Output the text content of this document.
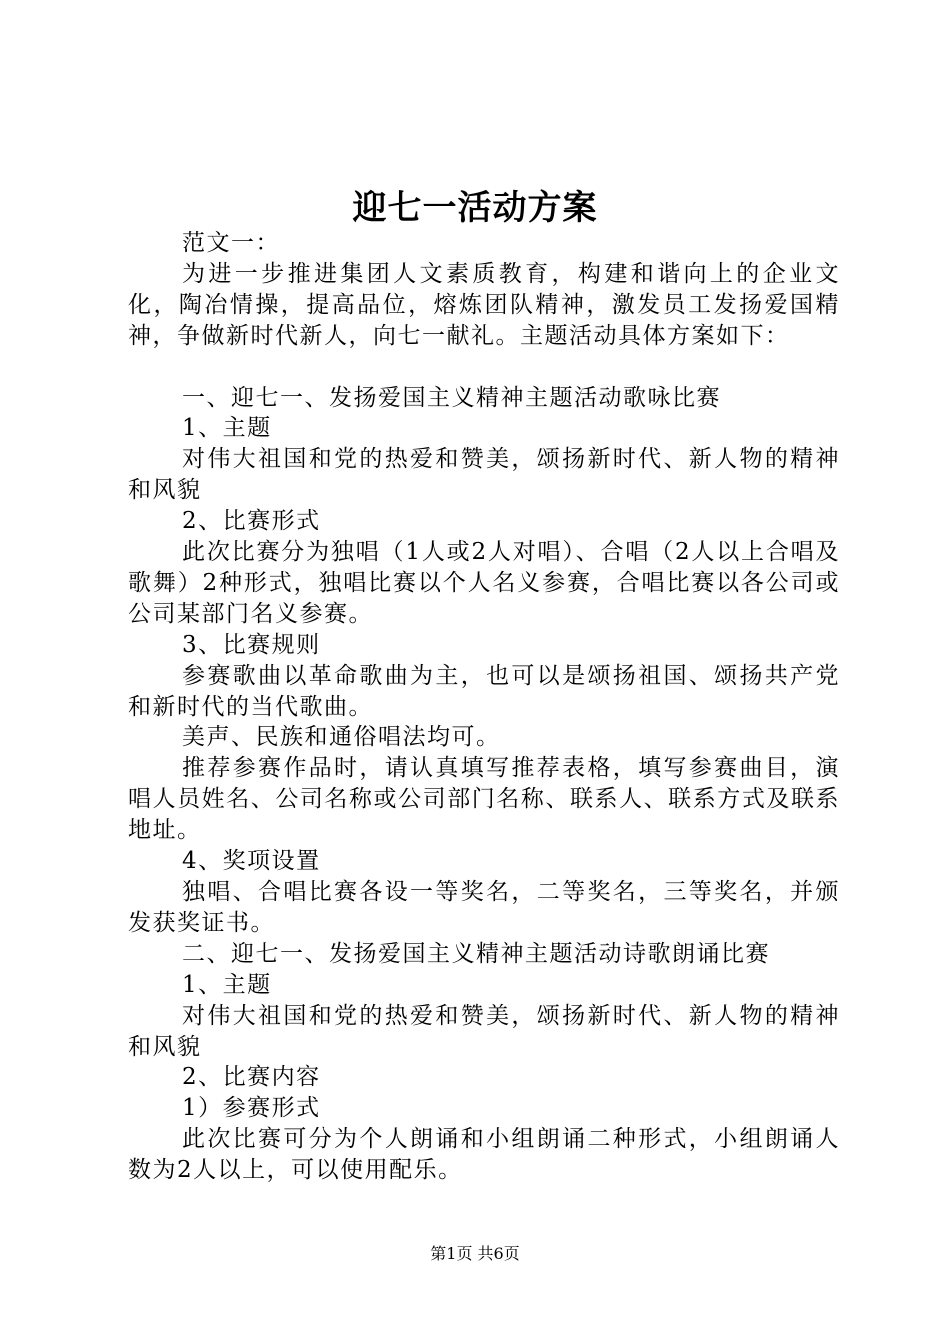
迎七一活动方案

范文一：

为进一步推进集团人文素质教育，构建和谐向上的企业文化，陶冶情操，提高品位，熔炼团队精神，激发员工发扬爱国精神，争做新时代新人，向七一献礼。主题活动具体方案如下：

一、迎七一、发扬爱国主义精神主题活动歌咏比赛

1、主题

对伟大祖国和党的热爱和赞美，颂扬新时代、新人物的精神和风貌

2、比赛形式

此次比赛分为独唱（1人或2人对唱）、合唱（2人以上合唱及歌舞）2种形式，独唱比赛以个人名义参赛，合唱比赛以各公司或公司某部门名义参赛。

3、比赛规则

参赛歌曲以革命歌曲为主，也可以是颂扬祖国、颂扬共产党和新时代的当代歌曲。

美声、民族和通俗唱法均可。

推荐参赛作品时，请认真填写推荐表格，填写参赛曲目，演唱人员姓名、公司名称或公司部门名称、联系人、联系方式及联系地址。

4、奖项设置

独唱、合唱比赛各设一等奖名，二等奖名，三等奖名，并颁发获奖证书。

二、迎七一、发扬爱国主义精神主题活动诗歌朗诵比赛

1、主题

对伟大祖国和党的热爱和赞美，颂扬新时代、新人物的精神和风貌

2、比赛内容

1）参赛形式

此次比赛可分为个人朗诵和小组朗诵二种形式，小组朗诵人数为2人以上，可以使用配乐。

第1页 共6页
